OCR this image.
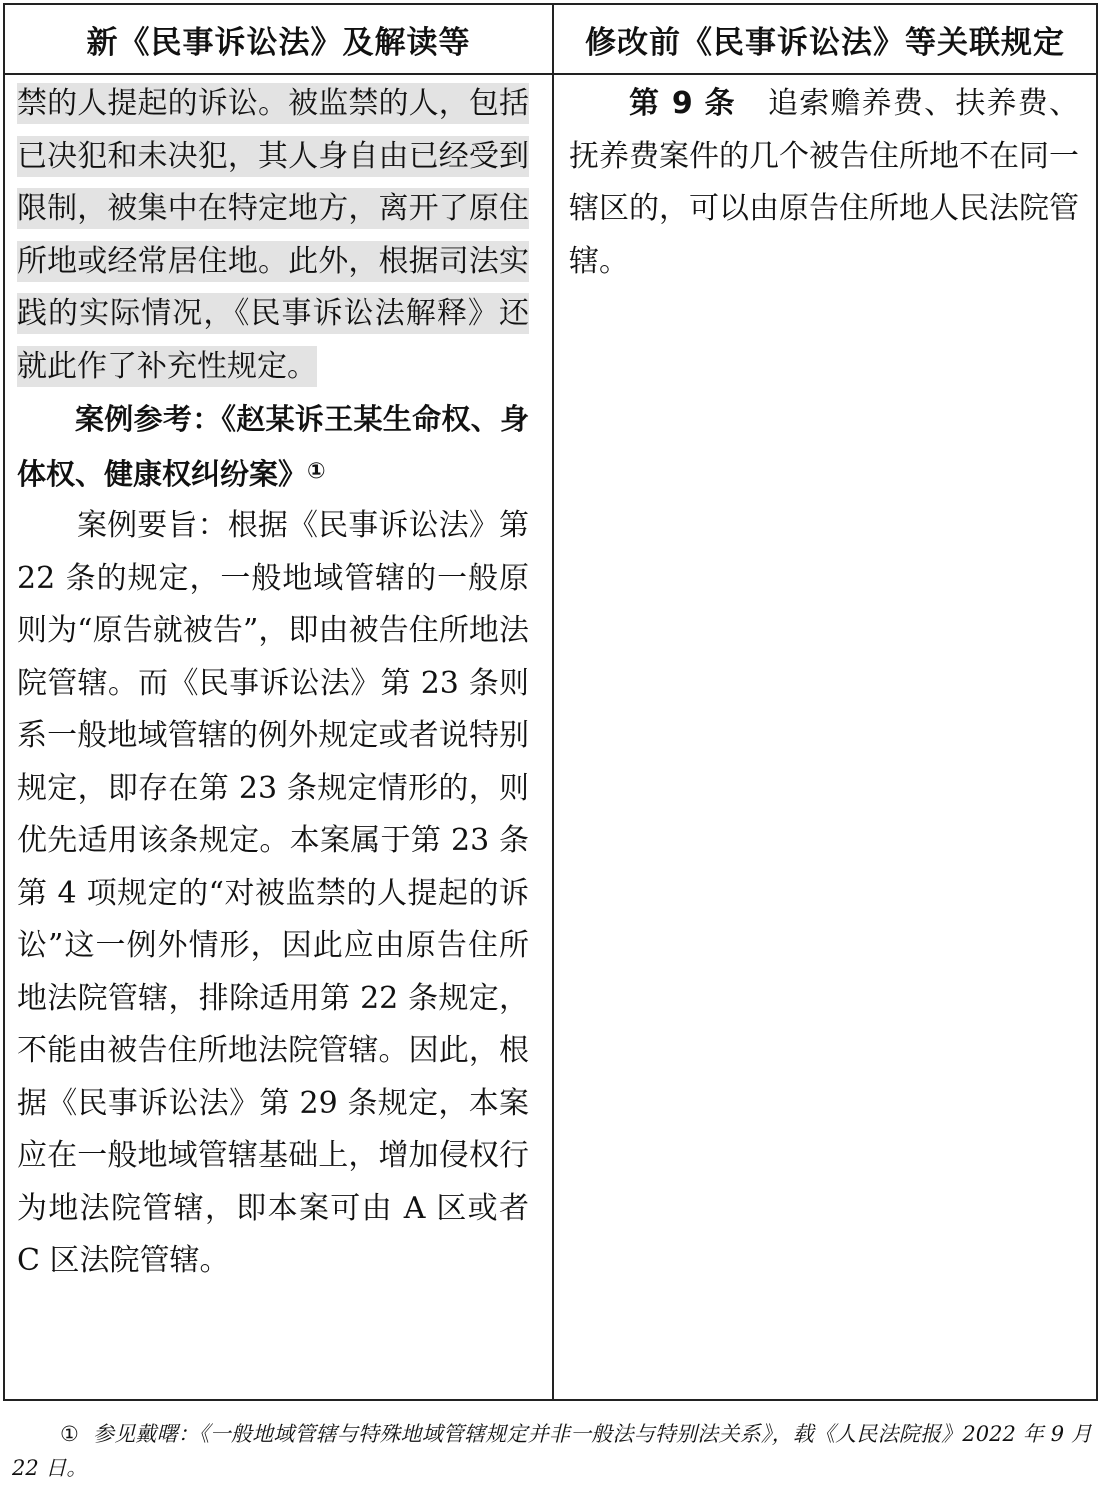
新《民事诉讼法》及解读等	修改前《民事诉讼法》等关联规定

禁的人提起的诉讼。被监禁的人，包括已决犯和未决犯，其人身自由已经受到限制，被集中在特定地方，离开了原住所地或经常居住地。此外，根据司法实践的实际情况，《民事诉讼法解释》还就此作了补充性规定。

案例参考：《赵某诉王某生命权、身体权、健康权纠纷案》①

案例要旨：根据《民事诉讼法》第 22 条的规定，一般地域管辖的一般原则为“原告就被告”，即由被告住所地法院管辖。而《民事诉讼法》第 23 条则系一般地域管辖的例外规定或者说特别规定，即存在第 23 条规定情形的，则优先适用该条规定。本案属于第 23 条第 4 项规定的“对被监禁的人提起的诉讼”这一例外情形，因此应由原告住所地法院管辖，排除适用第 22 条规定，不能由被告住所地法院管辖。因此，根据《民事诉讼法》第 29 条规定，本案应在一般地域管辖基础上，增加侵权行为地法院管辖，即本案可由 A 区或者 C 区法院管辖。

第 9 条 追索赡养费、扶养费、抚养费案件的几个被告住所地不在同一辖区的，可以由原告住所地人民法院管辖。

① 参见戴曙：《一般地域管辖与特殊地域管辖规定并非一般法与特别法关系》，载《人民法院报》2022 年 9 月 22 日。
